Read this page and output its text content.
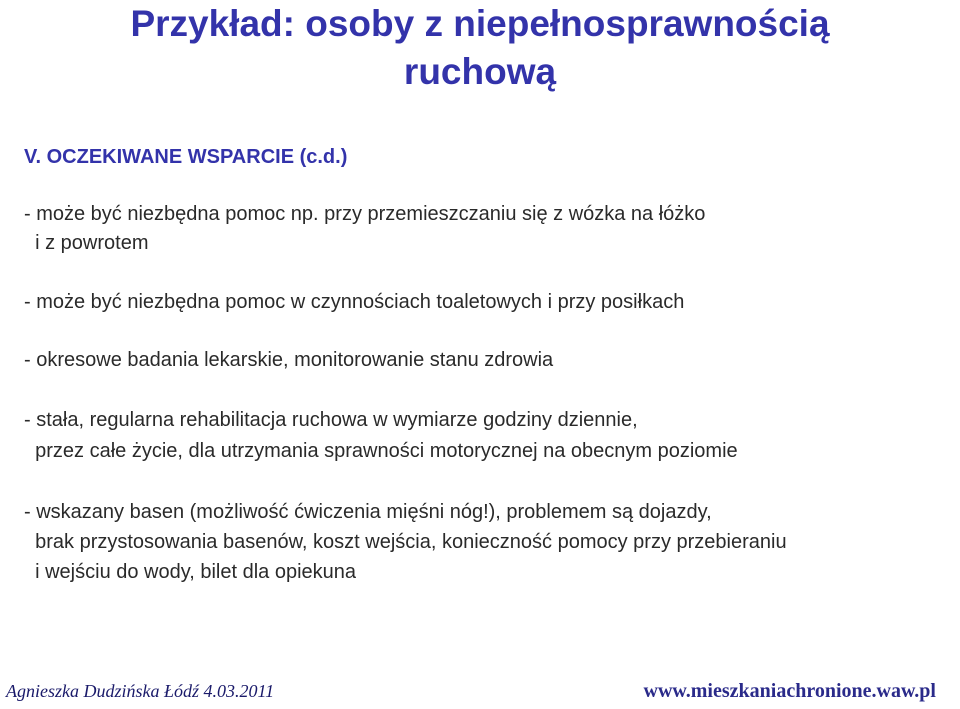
Przykład: osoby z niepełnosprawnością
ruchową
V. OCZEKIWANE WSPARCIE (c.d.)
- może być niezbędna pomoc np. przy przemieszczaniu się z wózka na łóżko
i z powrotem
- może być niezbędna pomoc w czynnościach toaletowych i przy posiłkach
- okresowe badania lekarskie, monitorowanie stanu zdrowia
- stała, regularna rehabilitacja ruchowa w wymiarze godziny dziennie,
przez całe życie, dla utrzymania sprawności motorycznej na obecnym poziomie
- wskazany basen (możliwość ćwiczenia mięśni nóg!), problemem są dojazdy,
brak przystosowania basenów, koszt wejścia, konieczność pomocy przy przebieraniu
i wejściu do wody, bilet dla opiekuna
Agnieszka Dudzińska Łódź 4.03.2011	www.mieszkaniachronione.waw.pl
